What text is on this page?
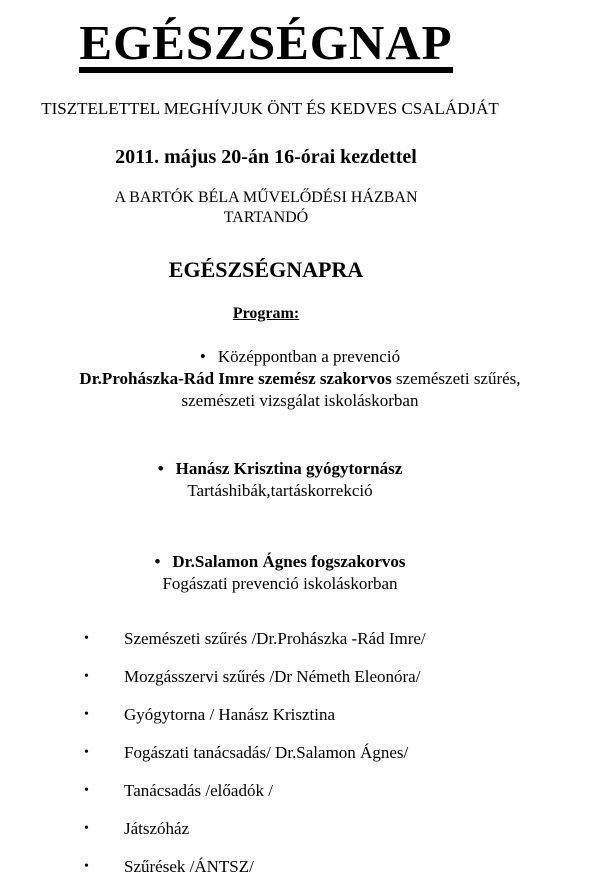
EGÉSZSÉGNAP
TISZTELETTEL MEGHÍVJUK ÖNT ÉS KEDVES CSALÁDJÁT
2011. május 20-án 16-órai kezdettel
A BARTÓK BÉLA MŰVELŐDÉSI HÁZBAN
TARTANDÓ
EGÉSZSÉGNAPRA
Program:
• Középpontban a prevenció
Dr.Prohászka-Rád Imre szemész szakorvos szemészeti szűrés,
szemészeti vizsgálat iskoláskorban
• Hanász Krisztina gyógytornász
Tartáshibák,tartáskorrekció
• Dr.Salamon Ágnes fogszakorvos
Fogászati prevenció iskoláskorban
•	Szemészeti szűrés /Dr.Prohászka -Rád Imre/
•	Mozgásszervi szűrés /Dr Németh Eleonóra/
•	Gyógytorna / Hanász Krisztina
•	Fogászati tanácsadás/ Dr.Salamon Ágnes/
•	Tanácsadás /előadók /
•	Játszóház
•	Szűrések /ÁNTSZ/
